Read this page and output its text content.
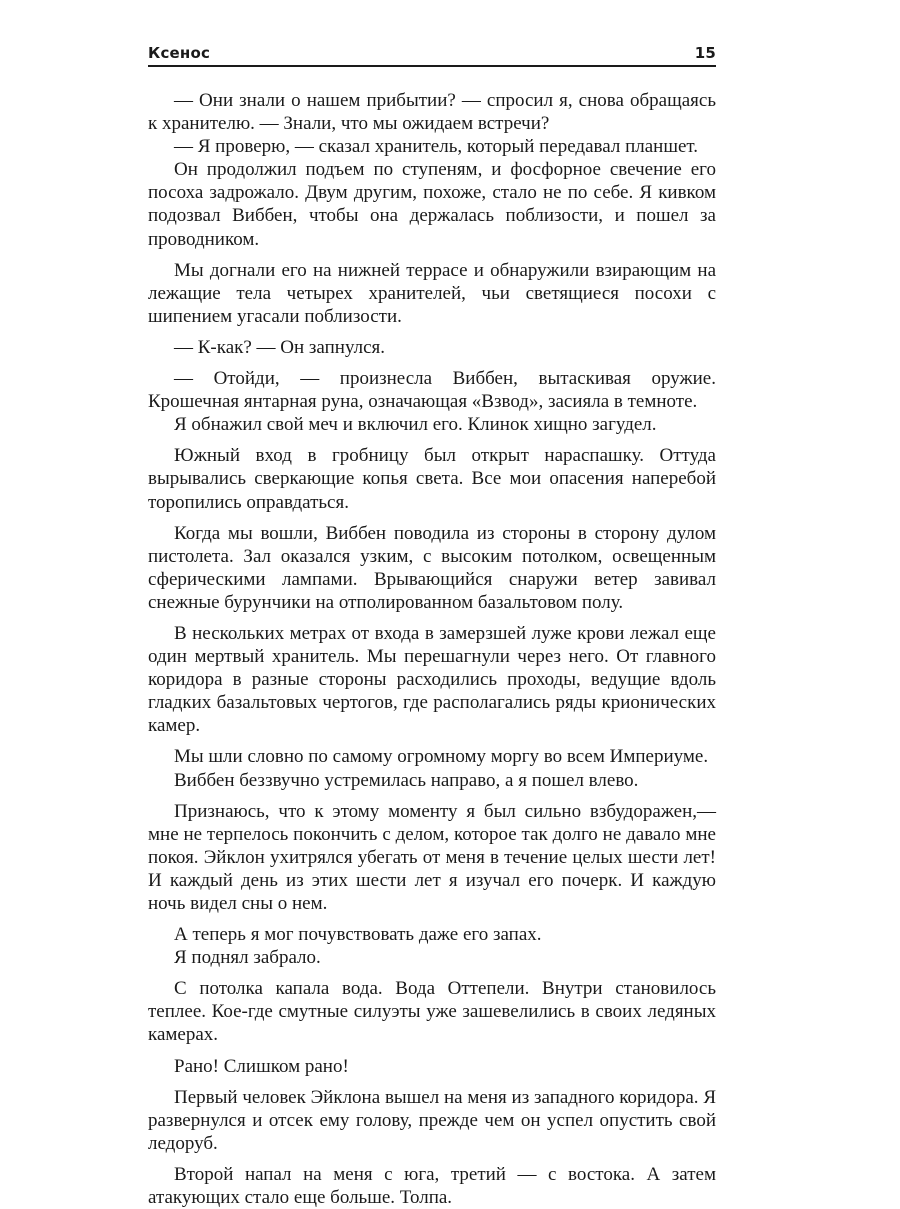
Ксенос	15

— Они знали о нашем прибытии? — спросил я, снова обращаясь к хранителю. — Знали, что мы ожидаем встречи?

— Я проверю, — сказал хранитель, который передавал планшет.

Он продолжил подъем по ступеням, и фосфорное свечение его посоха задрожало. Двум другим, похоже, стало не по себе. Я кивком подозвал Виббен, чтобы она держалась поблизости, и пошел за проводником.

Мы догнали его на нижней террасе и обнаружили взирающим на лежащие тела четырех хранителей, чьи светящиеся посохи с шипением угасали поблизости.

— К-как? — Он запнулся.

— Отойди, — произнесла Виббен, вытаскивая оружие. Крошечная янтарная руна, означающая «Взвод», засияла в темноте.

Я обнажил свой меч и включил его. Клинок хищно загудел.

Южный вход в гробницу был открыт нараспашку. Оттуда вырывались сверкающие копья света. Все мои опасения наперебой торопились оправдаться.

Когда мы вошли, Виббен поводила из стороны в сторону дулом пистолета. Зал оказался узким, с высоким потолком, освещенным сферическими лампами. Врывающийся снаружи ветер завивал снежные бурунчики на отполированном базальтовом полу.

В нескольких метрах от входа в замерзшей луже крови лежал еще один мертвый хранитель. Мы перешагнули через него. От главного коридора в разные стороны расходились проходы, ведущие вдоль гладких базальтовых чертогов, где располагались ряды крионических камер.

Мы шли словно по самому огромному моргу во всем Империуме.

Виббен беззвучно устремилась направо, а я пошел влево.

Признаюсь, что к этому моменту я был сильно взбудоражен,— мне не терпелось покончить с делом, которое так долго не давало мне покоя. Эйклон ухитрялся убегать от меня в течение целых шести лет! И каждый день из этих шести лет я изучал его почерк. И каждую ночь видел сны о нем.

А теперь я мог почувствовать даже его запах.

Я поднял забрало.

С потолка капала вода. Вода Оттепели. Внутри становилось теплее. Кое-где смутные силуэты уже зашевелились в своих ледяных камерах.

Рано! Слишком рано!

Первый человек Эйклона вышел на меня из западного коридора. Я развернулся и отсек ему голову, прежде чем он успел опустить свой ледоруб.

Второй напал на меня с юга, третий — с востока. А затем атакующих стало еще больше. Толпа.
